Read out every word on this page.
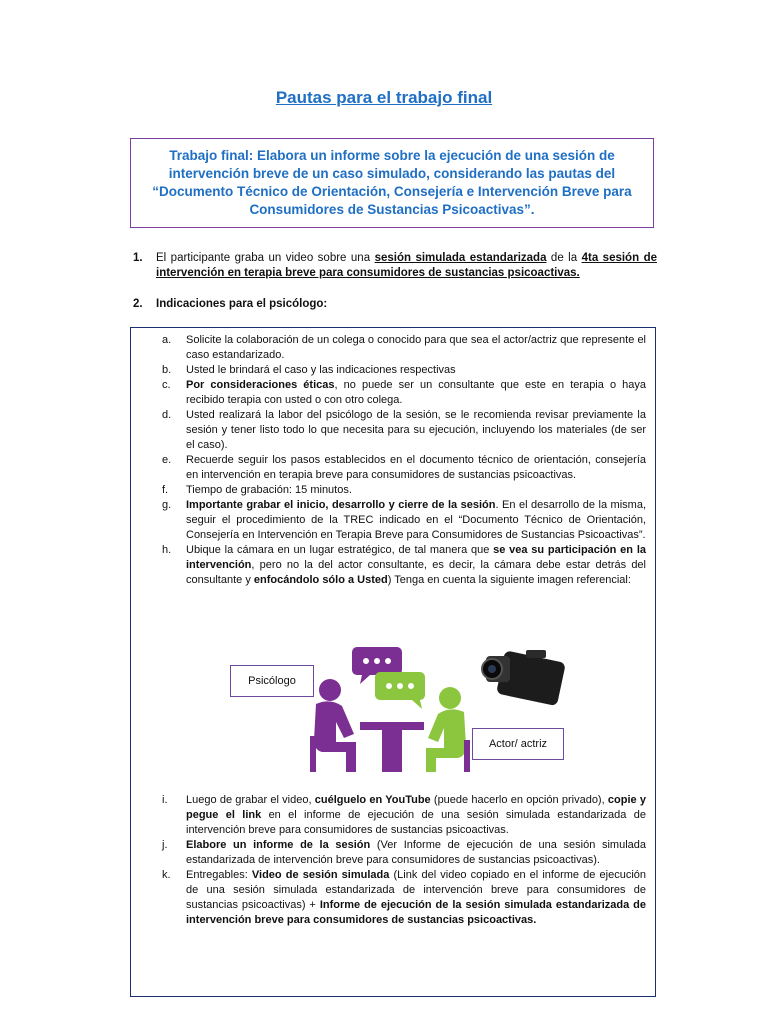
Pautas para el trabajo final
Trabajo final: Elabora un informe sobre la ejecución de una sesión de intervención breve de un caso simulado, considerando las pautas del “Documento Técnico de Orientación, Consejería e Intervención Breve para Consumidores de Sustancias Psicoactivas”.
1. El participante graba un video sobre una sesión simulada estandarizada de la 4ta sesión de intervención en terapia breve para consumidores de sustancias psicoactivas.
2. Indicaciones para el psicólogo:

a. Solicite la colaboración de un colega o conocido para que sea el actor/actriz que represente el caso estandarizado.

b. Usted le brindará el caso y las indicaciones respectivas

c. Por consideraciones éticas, no puede ser un consultante que este en terapia o haya recibido terapia con usted o con otro colega.

d. Usted realizará la labor del psicólogo de la sesión, se le recomienda revisar previamente la sesión y tener listo todo lo que necesita para su ejecución, incluyendo los materiales (de ser el caso).

e. Recuerde seguir los pasos establecidos en el documento técnico de orientación, consejería en intervención en terapia breve para consumidores de sustancias psicoactivas.

f. Tiempo de grabación: 15 minutos.

g. Importante grabar el inicio, desarrollo y cierre de la sesión. En el desarrollo de la misma, seguir el procedimiento de la TREC indicado en el “Documento Técnico de Orientación, Consejería en Intervención en Terapia Breve para Consumidores de Sustancias Psicoactivas”.

h. Ubique la cámara en un lugar estratégico, de tal manera que se vea su participación en la intervención, pero no la del actor consultante, es decir, la cámara debe estar detrás del consultante y enfocándolo sólo a Usted) Tenga en cuenta la siguiente imagen referencial:

Psicólogo
Actor/ actriz

i. Luego de grabar el video, cuélguelo en YouTube (puede hacerlo en opción privado), copie y pegue el link en el informe de ejecución de una sesión simulada estandarizada de intervención breve para consumidores de sustancias psicoactivas.

j. Elabore un informe de la sesión (Ver Informe de ejecución de una sesión simulada estandarizada de intervención breve para consumidores de sustancias psicoactivas).

k. Entregables: Video de sesión simulada (Link del video copiado en el informe de ejecución de una sesión simulada estandarizada de intervención breve para consumidores de sustancias psicoactivas) + Informe de ejecución de la sesión simulada estandarizada de intervención breve para consumidores de sustancias psicoactivas.
